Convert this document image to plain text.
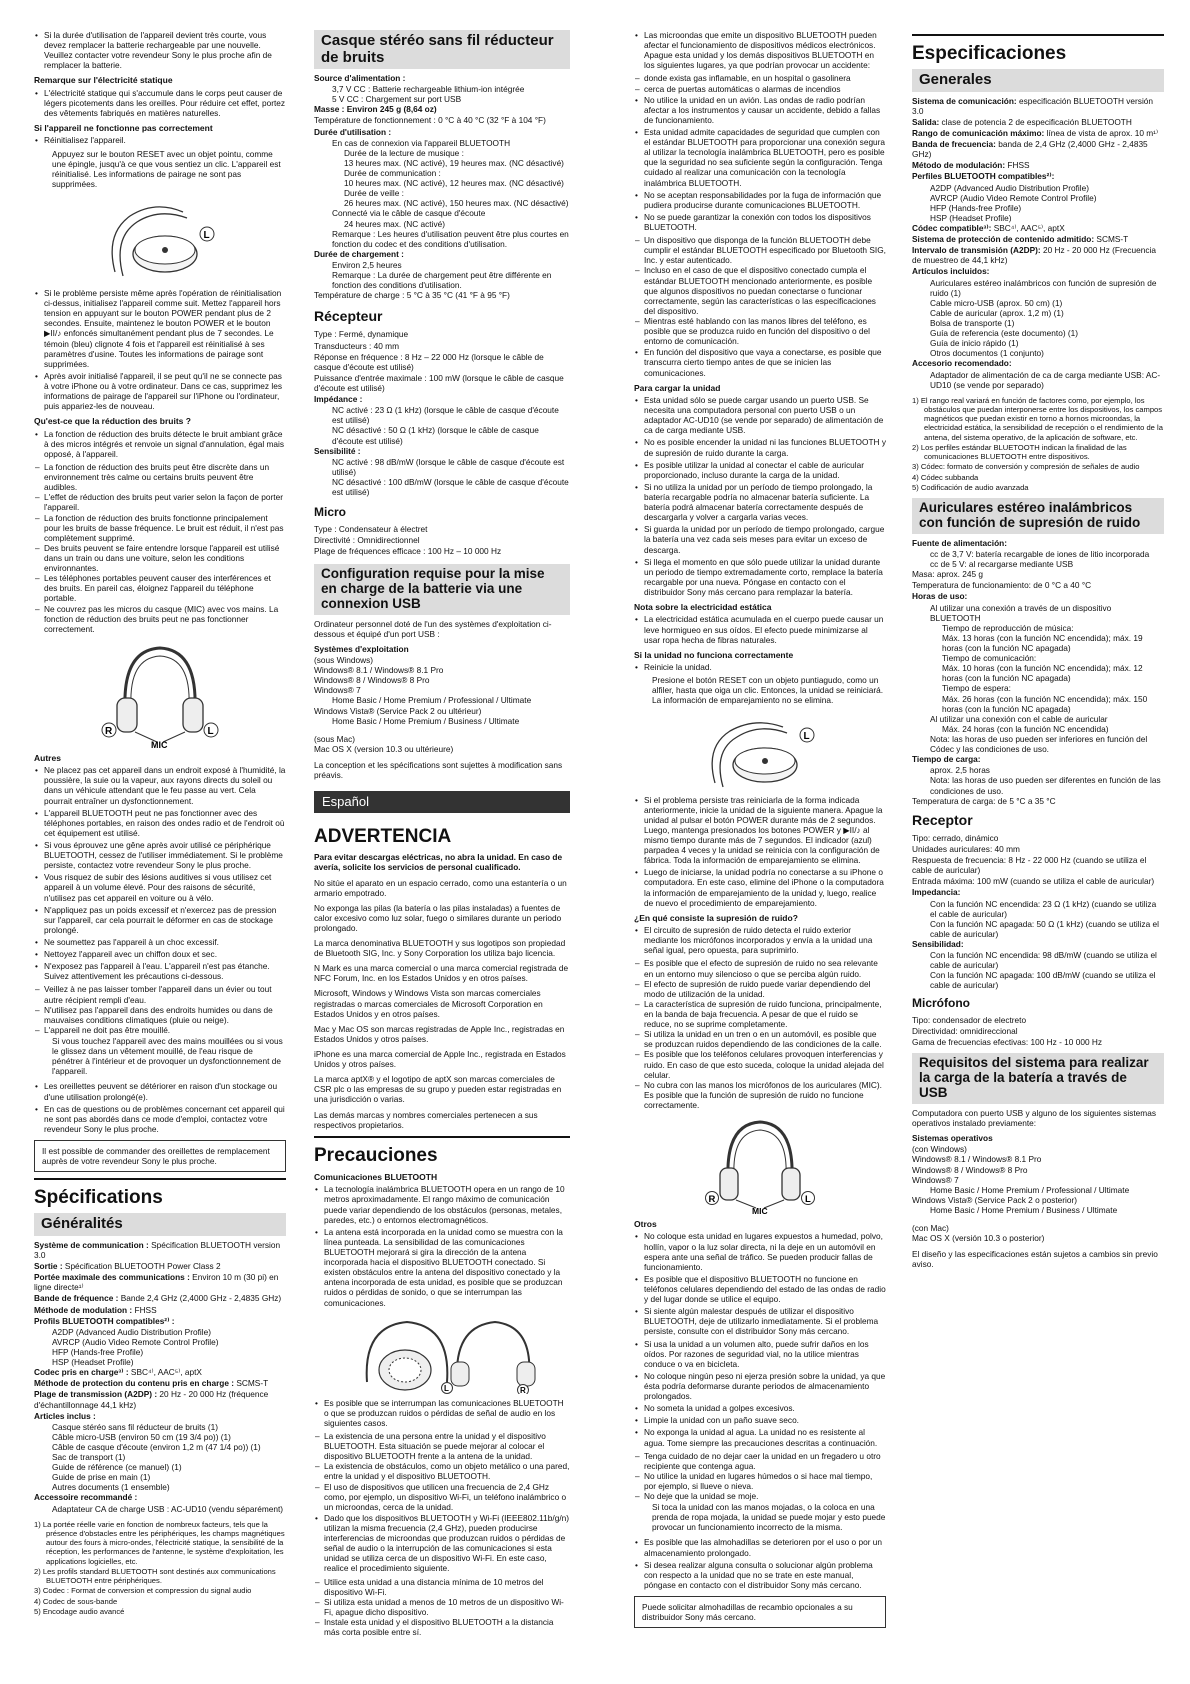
• Si la durée d'utilisation de l'appareil devient très courte, vous devez remplacer la batterie rechargeable par une nouvelle. Veuillez contacter votre revendeur Sony le plus proche afin de remplacer la batterie.
Remarque sur l'électricité statique
• L'électricité statique qui s'accumule dans le corps peut causer de légers picotements dans les oreilles. Pour réduire cet effet, portez des vêtements fabriqués en matières naturelles.
Si l'appareil ne fonctionne pas correctement
• Réinitialisez l'appareil.

Appuyez sur le bouton RESET avec un objet pointu, comme une épingle, jusqu'à ce que vous sentiez un clic. L'appareil est réinitialisé. Les informations de pairage ne sont pas supprimées.

L
• Si le problème persiste même après l'opération de réinitialisation ci-dessus, initialisez l'appareil comme suit. Mettez l'appareil hors tension en appuyant sur le bouton POWER pendant plus de 2 secondes. Ensuite, maintenez le bouton POWER et le bouton ▶II/♪ enfoncés simultanément pendant plus de 7 secondes. Le témoin (bleu) clignote 4 fois et l'appareil est réinitialisé à ses paramètres d'usine. Toutes les informations de pairage sont supprimées.
• Après avoir initialisé l'appareil, il se peut qu'il ne se connecte pas à votre iPhone ou à votre ordinateur. Dans ce cas, supprimez les informations de pairage de l'appareil sur l'iPhone ou l'ordinateur, puis appariez-les de nouveau.
Qu'est-ce que la réduction des bruits ?
• La fonction de réduction des bruits détecte le bruit ambiant grâce à des micros intégrés et renvoie un signal d'annulation, égal mais opposé, à l'appareil.
– La fonction de réduction des bruits peut être discrète dans un environnement très calme ou certains bruits peuvent être audibles.
– L'effet de réduction des bruits peut varier selon la façon de porter l'appareil.
– La fonction de réduction des bruits fonctionne principalement pour les bruits de basse fréquence. Le bruit est réduit, il n'est pas complètement supprimé.
– Des bruits peuvent se faire entendre lorsque l'appareil est utilisé dans un train ou dans une voiture, selon les conditions environnantes.
– Les téléphones portables peuvent causer des interférences et des bruits. En pareil cas, éloignez l'appareil du téléphone portable.
– Ne couvrez pas les micros du casque (MIC) avec vos mains. La fonction de réduction des bruits peut ne pas fonctionner correctement.
R	L
MIC
Autres
• Ne placez pas cet appareil dans un endroit exposé à l'humidité, la poussière, la suie ou la vapeur, aux rayons directs du soleil ou dans un véhicule attendant que le feu passe au vert. Cela pourrait entraîner un dysfonctionnement.
• L'appareil BLUETOOTH peut ne pas fonctionner avec des téléphones portables, en raison des ondes radio et de l'endroit où cet équipement est utilisé.
• Si vous éprouvez une gêne après avoir utilisé ce périphérique BLUETOOTH, cessez de l'utiliser immédiatement. Si le problème persiste, contactez votre revendeur Sony le plus proche.
• Vous risquez de subir des lésions auditives si vous utilisez cet appareil à un volume élevé. Pour des raisons de sécurité, n'utilisez pas cet appareil en voiture ou à vélo.
• N'appliquez pas un poids excessif et n'exercez pas de pression sur l'appareil, car cela pourrait le déformer en cas de stockage prolongé.
• Ne soumettez pas l'appareil à un choc excessif.
• Nettoyez l'appareil avec un chiffon doux et sec.
• N'exposez pas l'appareil à l'eau. L'appareil n'est pas étanche. Suivez attentivement les précautions ci-dessous.
– Veillez à ne pas laisser tomber l'appareil dans un évier ou tout autre récipient rempli d'eau.
– N'utilisez pas l'appareil dans des endroits humides ou dans de mauvaises conditions climatiques (pluie ou neige).
– L'appareil ne doit pas être mouillé.

Si vous touchez l'appareil avec des mains mouillées ou si vous le glissez dans un vêtement mouillé, de l'eau risque de pénétrer à l'intérieur et de provoquer un dysfonctionnement de l'appareil.

• Les oreillettes peuvent se détériorer en raison d'un stockage ou d'une utilisation prolongé(e).
• En cas de questions ou de problèmes concernant cet appareil qui ne sont pas abordés dans ce mode d'emploi, contactez votre revendeur Sony le plus proche.
Il est possible de commander des oreillettes de remplacement auprès de votre revendeur Sony le plus proche.
Spécifications
Généralités
Système de communication : Spécification BLUETOOTH version 3.0
Sortie : Spécification BLUETOOTH Power Class 2
Portée maximale des communications : Environ 10 m (30 pi) en ligne directe¹⁾
Bande de fréquence : Bande 2,4 GHz (2,4000 GHz - 2,4835 GHz)
Méthode de modulation : FHSS
Profils BLUETOOTH compatibles²⁾ :
A2DP (Advanced Audio Distribution Profile)
AVRCP (Audio Video Remote Control Profile)
HFP (Hands-free Profile)
HSP (Headset Profile)
Codec pris en charge³⁾ : SBC⁴⁾, AAC⁵⁾, aptX
Méthode de protection du contenu pris en charge : SCMS-T
Plage de transmission (A2DP) : 20 Hz - 20 000 Hz (fréquence d'échantillonnage 44,1 kHz)
Articles inclus :
Casque stéréo sans fil réducteur de bruits (1)
Câble micro-USB (environ 50 cm (19 3/4 po)) (1)
Câble de casque d'écoute (environ 1,2 m (47 1/4 po)) (1)
Sac de transport (1)
Guide de référence (ce manuel) (1)
Guide de prise en main (1)
Autres documents (1 ensemble)
Accessoire recommandé :
Adaptateur CA de charge USB : AC-UD10 (vendu séparément)
1) La portée réelle varie en fonction de nombreux facteurs, tels que la présence d'obstacles entre les périphériques, les champs magnétiques autour des fours à micro-ondes, l'électricité statique, la sensibilité de la réception, les performances de l'antenne, le système d'exploitation, les applications logicielles, etc.
2) Les profils standard BLUETOOTH sont destinés aux communications BLUETOOTH entre périphériques.
3) Codec : Format de conversion et compression du signal audio
4) Codec de sous-bande
5) Encodage audio avancé
Casque stéréo sans fil réducteur de bruits
Source d'alimentation :
3,7 V CC : Batterie rechargeable lithium-ion intégrée
5 V CC : Chargement sur port USB
Masse : Environ 245 g (8,64 oz)
Température de fonctionnement : 0 °C à 40 °C (32 °F à 104 °F)
Durée d'utilisation :
En cas de connexion via l'appareil BLUETOOTH
Durée de la lecture de musique :
13 heures max. (NC activé), 19 heures max. (NC désactivé)
Durée de communication :
10 heures max. (NC activé), 12 heures max. (NC désactivé)
Durée de veille :
26 heures max. (NC activé), 150 heures max. (NC désactivé)
Connecté via le câble de casque d'écoute
24 heures max. (NC activé)
Remarque : Les heures d'utilisation peuvent être plus courtes en fonction du codec et des conditions d'utilisation.
Durée de chargement :
Environ 2,5 heures
Remarque : La durée de chargement peut être différente en fonction des conditions d'utilisation.
Température de charge : 5 °C à 35 °C (41 °F à 95 °F)
Récepteur
Type : Fermé, dynamique
Transducteurs : 40 mm
Réponse en fréquence : 8 Hz – 22 000 Hz (lorsque le câble de casque d'écoute est utilisé)
Puissance d'entrée maximale : 100 mW (lorsque le câble de casque d'écoute est utilisé)
Impédance :
NC activé : 23 Ω (1 kHz) (lorsque le câble de casque d'écoute est utilisé)
NC désactivé : 50 Ω (1 kHz) (lorsque le câble de casque d'écoute est utilisé)
Sensibilité :
NC activé : 98 dB/mW (lorsque le câble de casque d'écoute est utilisé)
NC désactivé : 100 dB/mW (lorsque le câble de casque d'écoute est utilisé)
Micro
Type : Condensateur à électret
Directivité : Omnidirectionnel
Plage de fréquences efficace : 100 Hz – 10 000 Hz
Configuration requise pour la mise en charge de la batterie via une connexion USB

Ordinateur personnel doté de l'un des systèmes d'exploitation ci-dessous et équipé d'un port USB :

Systèmes d'exploitation
(sous Windows)
Windows® 8.1 / Windows® 8.1 Pro
Windows® 8 / Windows® 8 Pro
Windows® 7
Home Basic / Home Premium / Professional / Ultimate
Windows Vista® (Service Pack 2 ou ultérieur)
Home Basic / Home Premium / Business / Ultimate
(sous Mac)
Mac OS X (version 10.3 ou ultérieure)

La conception et les spécifications sont sujettes à modification sans préavis.

Español
ADVERTENCIA

Para evitar descargas eléctricas, no abra la unidad. En caso de avería, solicite los servicios de personal cualificado.

No sitúe el aparato en un espacio cerrado, como una estantería o un armario empotrado.

No exponga las pilas (la batería o las pilas instaladas) a fuentes de calor excesivo como luz solar, fuego o similares durante un periodo prolongado.

La marca denominativa BLUETOOTH y sus logotipos son propiedad de Bluetooth SIG, Inc. y Sony Corporation los utiliza bajo licencia.

N Mark es una marca comercial o una marca comercial registrada de NFC Forum, Inc. en los Estados Unidos y en otros países.

Microsoft, Windows y Windows Vista son marcas comerciales registradas o marcas comerciales de Microsoft Corporation en Estados Unidos y en otros países.

Mac y Mac OS son marcas registradas de Apple Inc., registradas en Estados Unidos y otros países.

iPhone es una marca comercial de Apple Inc., registrada en Estados Unidos y otros países.

La marca aptX® y el logotipo de aptX son marcas comerciales de CSR plc o las empresas de su grupo y pueden estar registradas en una jurisdicción o varias.

Las demás marcas y nombres comerciales pertenecen a sus respectivos propietarios.

Precauciones
Comunicaciones BLUETOOTH
• La tecnología inalámbrica BLUETOOTH opera en un rango de 10 metros aproximadamente. El rango máximo de comunicación puede variar dependiendo de los obstáculos (personas, metales, paredes, etc.) o entornos electromagnéticos.
• La antena está incorporada en la unidad como se muestra con la línea punteada. La sensibilidad de las comunicaciones BLUETOOTH mejorará si gira la dirección de la antena incorporada hacia el dispositivo BLUETOOTH conectado. Si existen obstáculos entre la antena del dispositivo conectado y la antena incorporada de esta unidad, es posible que se produzcan ruidos o pérdidas de sonido, o que se interrumpan las comunicaciones.
L	R
• Es posible que se interrumpan las comunicaciones BLUETOOTH o que se produzcan ruidos o pérdidas de señal de audio en los siguientes casos.
– La existencia de una persona entre la unidad y el dispositivo BLUETOOTH. Esta situación se puede mejorar al colocar el dispositivo BLUETOOTH frente a la antena de la unidad.
– La existencia de obstáculos, como un objeto metálico o una pared, entre la unidad y el dispositivo BLUETOOTH.
– El uso de dispositivos que utilicen una frecuencia de 2,4 GHz como, por ejemplo, un dispositivo Wi-Fi, un teléfono inalámbrico o un microondas, cerca de la unidad.
• Dado que los dispositivos BLUETOOTH y Wi-Fi (IEEE802.11b/g/n) utilizan la misma frecuencia (2,4 GHz), pueden producirse interferencias de microondas que produzcan ruidos o pérdidas de señal de audio o la interrupción de las comunicaciones si esta unidad se utiliza cerca de un dispositivo Wi-Fi. En este caso, realice el procedimiento siguiente.
– Utilice esta unidad a una distancia mínima de 10 metros del dispositivo Wi-Fi.
– Si utiliza esta unidad a menos de 10 metros de un dispositivo Wi-Fi, apague dicho dispositivo.
– Instale esta unidad y el dispositivo BLUETOOTH a la distancia más corta posible entre sí.
• Las microondas que emite un dispositivo BLUETOOTH pueden afectar el funcionamiento de dispositivos médicos electrónicos. Apague esta unidad y los demás dispositivos BLUETOOTH en los siguientes lugares, ya que podrían provocar un accidente:
– donde exista gas inflamable, en un hospital o gasolinera
– cerca de puertas automáticas o alarmas de incendios
• No utilice la unidad en un avión. Las ondas de radio podrían afectar a los instrumentos y causar un accidente, debido a fallas de funcionamiento.
• Esta unidad admite capacidades de seguridad que cumplen con el estándar BLUETOOTH para proporcionar una conexión segura al utilizar la tecnología inalámbrica BLUETOOTH, pero es posible que la seguridad no sea suficiente según la configuración. Tenga cuidado al realizar una comunicación con la tecnología inalámbrica BLUETOOTH.
• No se aceptan responsabilidades por la fuga de información que pudiera producirse durante comunicaciones BLUETOOTH.
• No se puede garantizar la conexión con todos los dispositivos BLUETOOTH.
– Un dispositivo que disponga de la función BLUETOOTH debe cumplir el estándar BLUETOOTH especificado por Bluetooth SIG, Inc. y estar autenticado.
– Incluso en el caso de que el dispositivo conectado cumpla el estándar BLUETOOTH mencionado anteriormente, es posible que algunos dispositivos no puedan conectarse o funcionar correctamente, según las características o las especificaciones del dispositivo.
– Mientras esté hablando con las manos libres del teléfono, es posible que se produzca ruido en función del dispositivo o del entorno de comunicación.
• En función del dispositivo que vaya a conectarse, es posible que transcurra cierto tiempo antes de que se inicien las comunicaciones.
Para cargar la unidad
• Esta unidad sólo se puede cargar usando un puerto USB. Se necesita una computadora personal con puerto USB o un adaptador AC-UD10 (se vende por separado) de alimentación de ca de carga mediante USB.
• No es posible encender la unidad ni las funciones BLUETOOTH y de supresión de ruido durante la carga.
• Es posible utilizar la unidad al conectar el cable de auricular proporcionado, incluso durante la carga de la unidad.
• Si no utiliza la unidad por un período de tiempo prolongado, la batería recargable podría no almacenar batería suficiente. La batería podrá almacenar batería correctamente después de descargarla y volver a cargarla varias veces.
• Si guarda la unidad por un período de tiempo prolongado, cargue la batería una vez cada seis meses para evitar un exceso de descarga.
• Si llega el momento en que sólo puede utilizar la unidad durante un periodo de tiempo extremadamente corto, remplace la batería recargable por una nueva. Póngase en contacto con el distribuidor Sony más cercano para remplazar la batería.
Nota sobre la electricidad estática
• La electricidad estática acumulada en el cuerpo puede causar un leve hormigueo en sus oídos. El efecto puede minimizarse al usar ropa hecha de fibras naturales.
Si la unidad no funciona correctamente
• Reinicie la unidad.

Presione el botón RESET con un objeto puntiagudo, como un alfiler, hasta que oiga un clic. Entonces, la unidad se reiniciará. La información de emparejamiento no se elimina.

L
• Si el problema persiste tras reiniciarla de la forma indicada anteriormente, inicie la unidad de la siguiente manera. Apague la unidad al pulsar el botón POWER durante más de 2 segundos. Luego, mantenga presionados los botones POWER y ▶II/♪ al mismo tiempo durante más de 7 segundos. El indicador (azul) parpadea 4 veces y la unidad se reinicia con la configuración de fábrica. Toda la información de emparejamiento se elimina.
• Luego de iniciarse, la unidad podría no conectarse a su iPhone o computadora. En este caso, elimine del iPhone o la computadora la información de emparejamiento de la unidad y, luego, realice de nuevo el procedimiento de emparejamiento.
¿En qué consiste la supresión de ruido?
• El circuito de supresión de ruido detecta el ruido exterior mediante los micrófonos incorporados y envía a la unidad una señal igual, pero opuesta, para suprimirlo.
– Es posible que el efecto de supresión de ruido no sea relevante en un entorno muy silencioso o que se perciba algún ruido.
– El efecto de supresión de ruido puede variar dependiendo del modo de utilización de la unidad.
– La característica de supresión de ruido funciona, principalmente, en la banda de baja frecuencia. A pesar de que el ruido se reduce, no se suprime completamente.
– Si utiliza la unidad en un tren o en un automóvil, es posible que se produzcan ruidos dependiendo de las condiciones de la calle.
– Es posible que los teléfonos celulares provoquen interferencias y ruido. En caso de que esto suceda, coloque la unidad alejada del celular.
– No cubra con las manos los micrófonos de los auriculares (MIC). Es posible que la función de supresión de ruido no funcione correctamente.
R	L
MIC
Otros
• No coloque esta unidad en lugares expuestos a humedad, polvo, hollín, vapor o la luz solar directa, ni la deje en un automóvil en espera ante una señal de tráfico. Se pueden producir fallas de funcionamiento.
• Es posible que el dispositivo BLUETOOTH no funcione en teléfonos celulares dependiendo del estado de las ondas de radio y del lugar donde se utilice el equipo.
• Si siente algún malestar después de utilizar el dispositivo BLUETOOTH, deje de utilizarlo inmediatamente. Si el problema persiste, consulte con el distribuidor Sony más cercano.
• Si usa la unidad a un volumen alto, puede sufrir daños en los oídos. Por razones de seguridad vial, no la utilice mientras conduce o va en bicicleta.
• No coloque ningún peso ni ejerza presión sobre la unidad, ya que ésta podría deformarse durante periodos de almacenamiento prolongados.
• No someta la unidad a golpes excesivos.
• Limpie la unidad con un paño suave seco.
• No exponga la unidad al agua. La unidad no es resistente al agua. Tome siempre las precauciones descritas a continuación.
– Tenga cuidado de no dejar caer la unidad en un fregadero u otro recipiente que contenga agua.
– No utilice la unidad en lugares húmedos o si hace mal tiempo, por ejemplo, si llueve o nieva.
– No deje que la unidad se moje.

Si toca la unidad con las manos mojadas, o la coloca en una prenda de ropa mojada, la unidad se puede mojar y esto puede provocar un funcionamiento incorrecto de la misma.

• Es posible que las almohadillas se deterioren por el uso o por un almacenamiento prolongado.
• Si desea realizar alguna consulta o solucionar algún problema con respecto a la unidad que no se trate en este manual, póngase en contacto con el distribuidor Sony más cercano.
Puede solicitar almohadillas de recambio opcionales a su distribuidor Sony más cercano.
Especificaciones
Generales
Sistema de comunicación: especificación BLUETOOTH versión 3.0
Salida: clase de potencia 2 de especificación BLUETOOTH
Rango de comunicación máximo: línea de vista de aprox. 10 m¹⁾
Banda de frecuencia: banda de 2,4 GHz (2,4000 GHz - 2,4835 GHz)
Método de modulación: FHSS
Perfiles BLUETOOTH compatibles²⁾:
A2DP (Advanced Audio Distribution Profile)
AVRCP (Audio Video Remote Control Profile)
HFP (Hands-free Profile)
HSP (Headset Profile)
Códec compatible³⁾: SBC⁴⁾, AAC⁵⁾, aptX
Sistema de protección de contenido admitido: SCMS-T
Intervalo de transmisión (A2DP): 20 Hz - 20 000 Hz (Frecuencia de muestreo de 44,1 kHz)
Artículos incluidos:
Auriculares estéreo inalámbricos con función de supresión de ruido (1)
Cable micro-USB (aprox. 50 cm) (1)
Cable de auricular (aprox. 1,2 m) (1)
Bolsa de transporte (1)
Guía de referencia (este documento) (1)
Guía de inicio rápido (1)
Otros documentos (1 conjunto)
Accesorio recomendado:
Adaptador de alimentación de ca de carga mediante USB: AC-UD10 (se vende por separado)
1) El rango real variará en función de factores como, por ejemplo, los obstáculos que puedan interponerse entre los dispositivos, los campos magnéticos que puedan existir en torno a hornos microondas, la electricidad estática, la sensibilidad de recepción o el rendimiento de la antena, del sistema operativo, de la aplicación de software, etc.
2) Los perfiles estándar BLUETOOTH indican la finalidad de las comunicaciones BLUETOOTH entre dispositivos.
3) Códec: formato de conversión y compresión de señales de audio
4) Códec subbanda
5) Codificación de audio avanzada
Auriculares estéreo inalámbricos con función de supresión de ruido
Fuente de alimentación:
cc de 3,7 V: batería recargable de iones de litio incorporada
cc de 5 V: al recargarse mediante USB
Masa: aprox. 245 g
Temperatura de funcionamiento: de 0 °C a 40 °C
Horas de uso:
Al utilizar una conexión a través de un dispositivo BLUETOOTH
Tiempo de reproducción de música:
Máx. 13 horas (con la función NC encendida); máx. 19 horas (con la función NC apagada)
Tiempo de comunicación:
Máx. 10 horas (con la función NC encendida); máx. 12 horas (con la función NC apagada)
Tiempo de espera:
Máx. 26 horas (con la función NC encendida); máx. 150 horas (con la función NC apagada)
Al utilizar una conexión con el cable de auricular
Máx. 24 horas (con la función NC encendida)
Nota: las horas de uso pueden ser inferiores en función del Códec y las condiciones de uso.
Tiempo de carga:
aprox. 2,5 horas
Nota: las horas de uso pueden ser diferentes en función de las condiciones de uso.
Temperatura de carga: de 5 °C a 35 °C
Receptor
Tipo: cerrado, dinámico
Unidades auriculares: 40 mm
Respuesta de frecuencia: 8 Hz - 22 000 Hz (cuando se utiliza el cable de auricular)
Entrada máxima: 100 mW (cuando se utiliza el cable de auricular)
Impedancia:
Con la función NC encendida: 23 Ω (1 kHz) (cuando se utiliza el cable de auricular)
Con la función NC apagada: 50 Ω (1 kHz) (cuando se utiliza el cable de auricular)
Sensibilidad:
Con la función NC encendida: 98 dB/mW (cuando se utiliza el cable de auricular)
Con la función NC apagada: 100 dB/mW (cuando se utiliza el cable de auricular)
Micrófono
Tipo: condensador de electreto
Directividad: omnidireccional
Gama de frecuencias efectivas: 100 Hz - 10 000 Hz
Requisitos del sistema para realizar la carga de la batería a través de USB

Computadora con puerto USB y alguno de los siguientes sistemas operativos instalado previamente:

Sistemas operativos
(con Windows)
Windows® 8.1 / Windows® 8.1 Pro
Windows® 8 / Windows® 8 Pro
Windows® 7
Home Basic / Home Premium / Professional / Ultimate
Windows Vista® (Service Pack 2 o posterior)
Home Basic / Home Premium / Business / Ultimate
(con Mac)
Mac OS X (versión 10.3 o posterior)

El diseño y las especificaciones están sujetos a cambios sin previo aviso.
